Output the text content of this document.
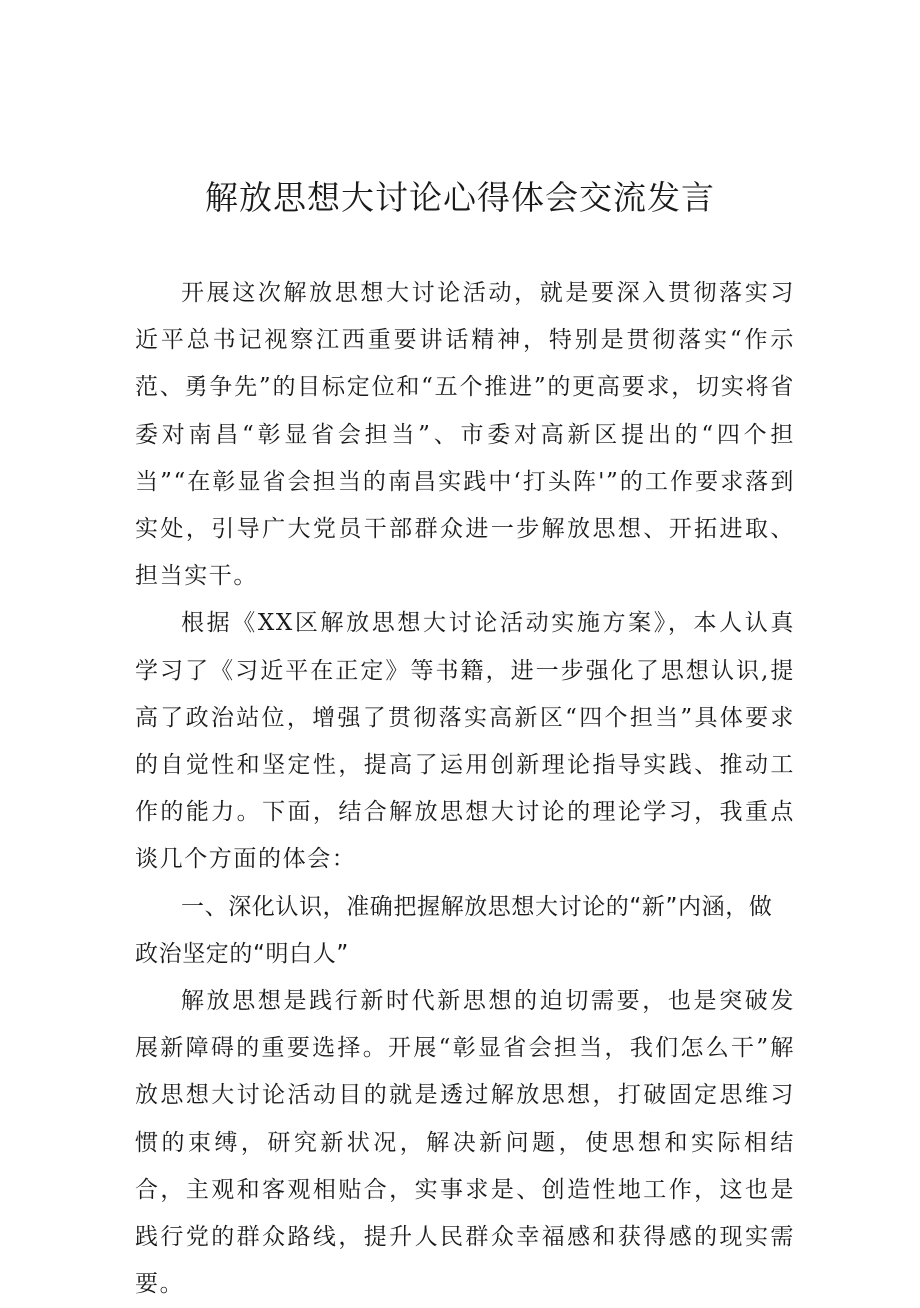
解放思想大讨论心得体会交流发言

开展这次解放思想大讨论活动，就是要深入贯彻落实习近平总书记视察江西重要讲话精神，特别是贯彻落实“作示范、勇争先”的目标定位和“五个推进”的更高要求，切实将省委对南昌“彰显省会担当”、市委对高新区提出的“四个担当”“在彰显省会担当的南昌实践中‘打头阵'”的工作要求落到实处，引导广大党员干部群众进一步解放思想、开拓进取、担当实干。

根据《XX区解放思想大讨论活动实施方案》，本人认真学习了《习近平在正定》等书籍，进一步强化了思想认识,提高了政治站位，增强了贯彻落实高新区“四个担当”具体要求的自觉性和坚定性，提高了运用创新理论指导实践、推动工作的能力。下面，结合解放思想大讨论的理论学习，我重点谈几个方面的体会：

一、深化认识，准确把握解放思想大讨论的“新”内涵，做政治坚定的“明白人”

解放思想是践行新时代新思想的迫切需要，也是突破发展新障碍的重要选择。开展“彰显省会担当，我们怎么干”解放思想大讨论活动目的就是透过解放思想，打破固定思维习惯的束缚，研究新状况，解决新问题，使思想和实际相结合，主观和客观相贴合，实事求是、创造性地工作，这也是践行党的群众路线，提升人民群众幸福感和获得感的现实需要。
